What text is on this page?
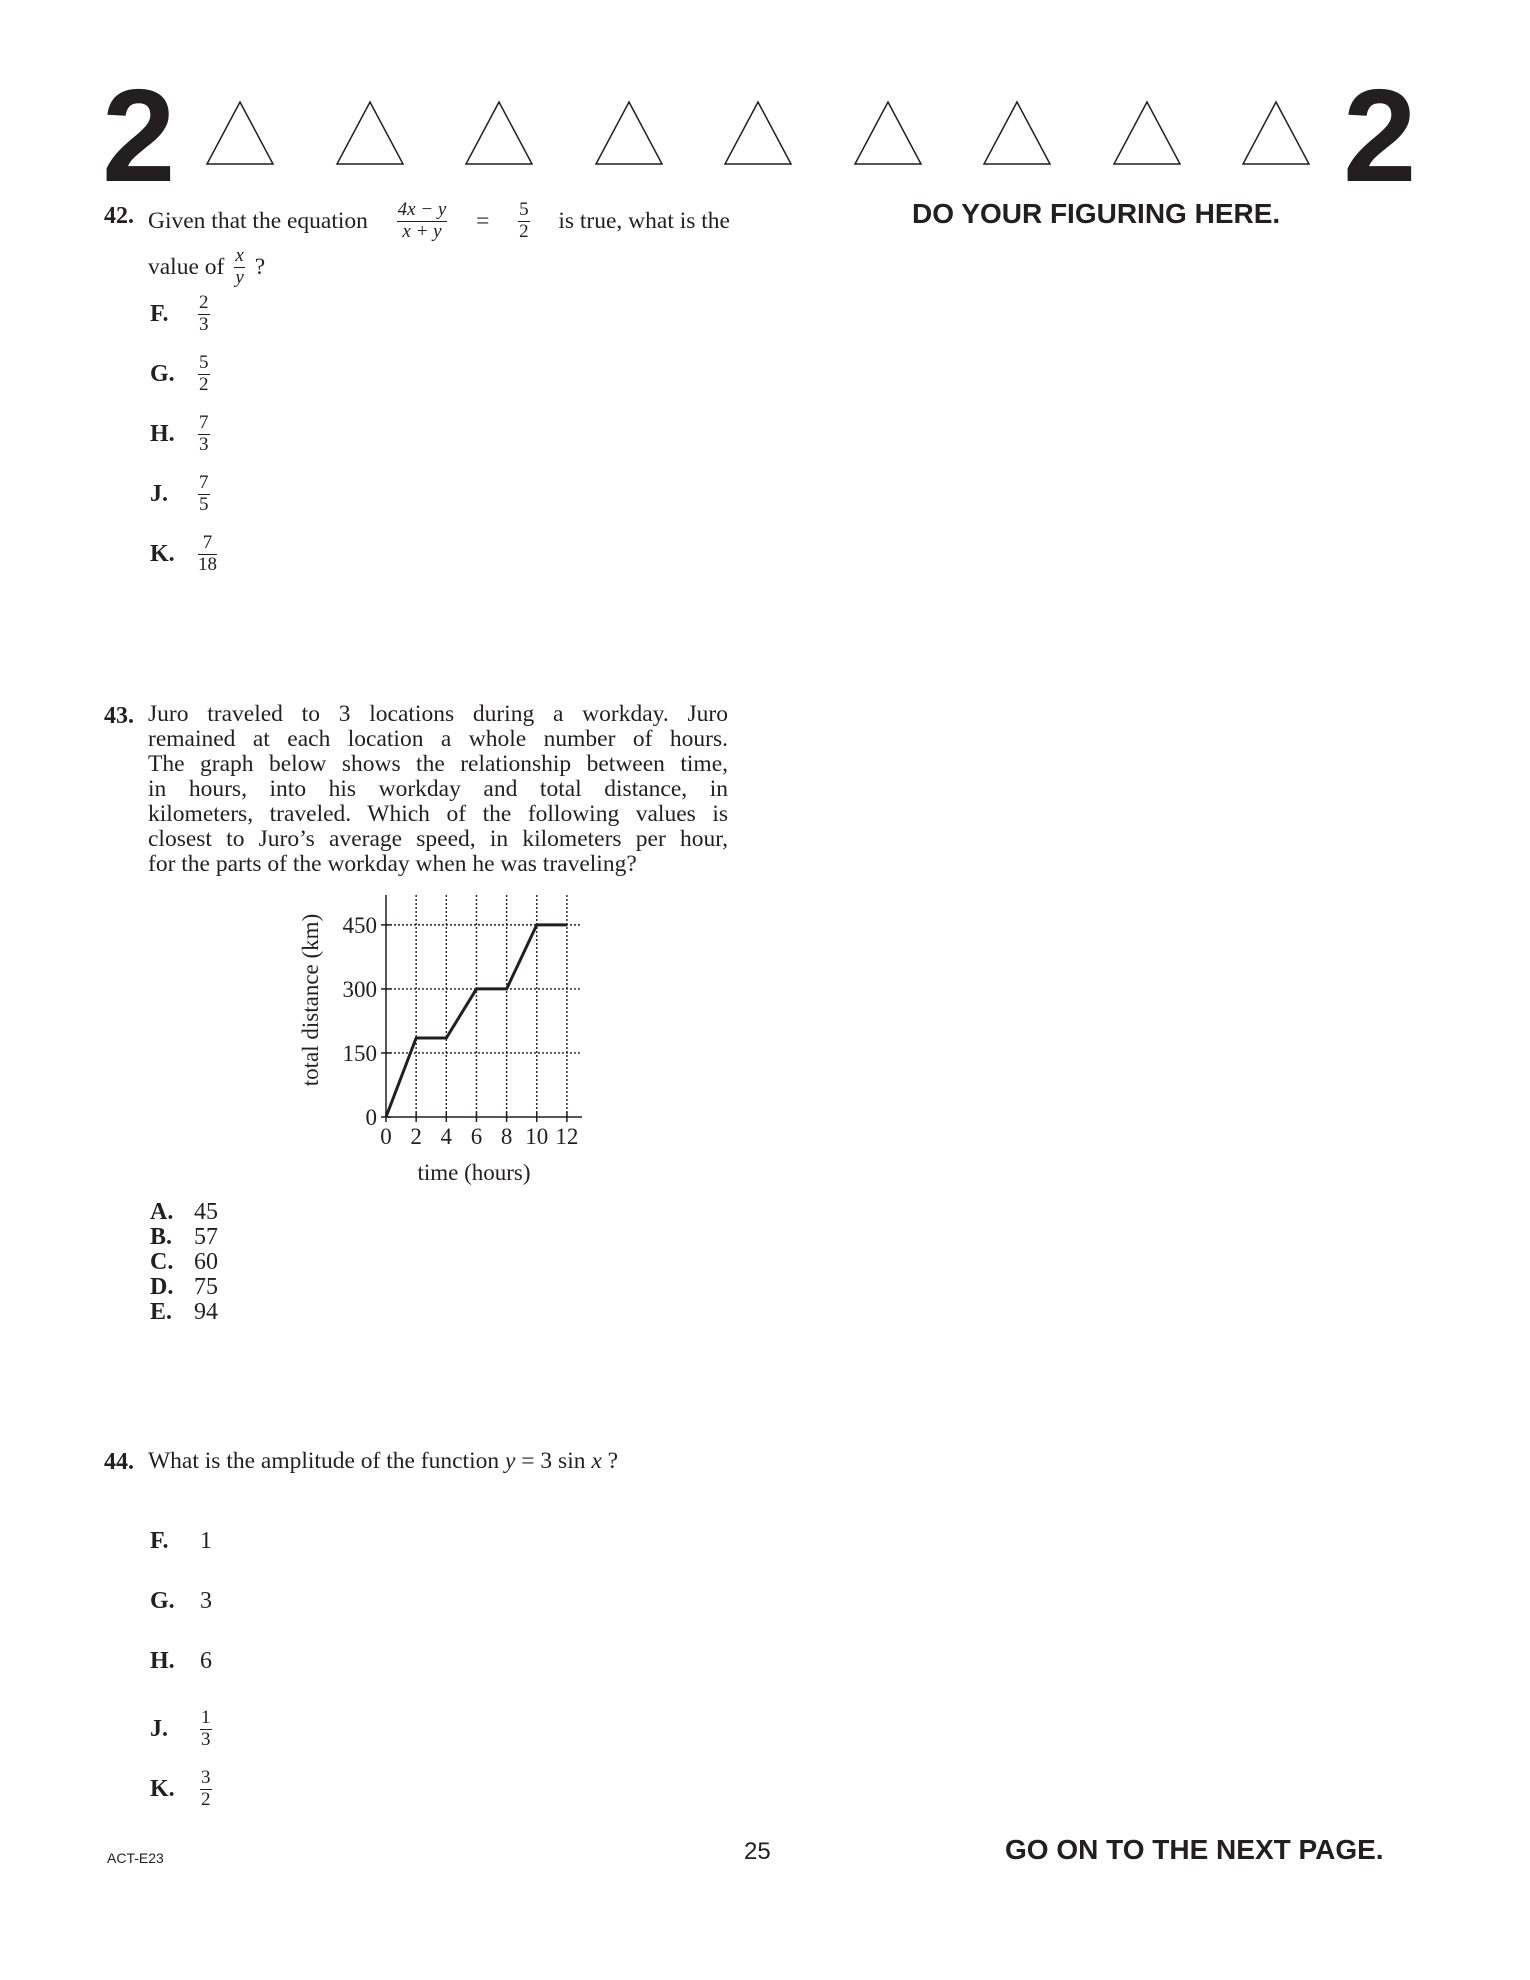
2	2
DO YOUR FIGURING HERE.
42. Given that the equation $\frac{4x - y}{x + y} = \frac{5}{2}$ is true, what is the
value of $\frac{x}{y}$ ?
F.	$\frac{2}{3}$
G.	$\frac{5}{2}$
H.	$\frac{7}{3}$
J.	$\frac{7}{5}$
K.	$\frac{7}{18}$
43. Juro traveled to 3 locations during a workday. Juro
remained at each location a whole number of hours.
The graph below shows the relationship between time,
in hours, into his workday and total distance, in
kilometers, traveled. Which of the following values is
closest to Juro’s average speed, in kilometers per hour,
for the parts of the workday when he was traveling?
0 2 4 6 8 10 12
0
150
300
450
time (hours)
total distance (km)
A. 45
B. 57
C. 60
D. 75
E. 94
44. What is the amplitude of the function y = 3 sin x ?
F.	1
G.	3
H.	6
J.	$\frac{1}{3}$
K.	$\frac{3}{2}$
ACT-E23	25	GO ON TO THE NEXT PAGE.
